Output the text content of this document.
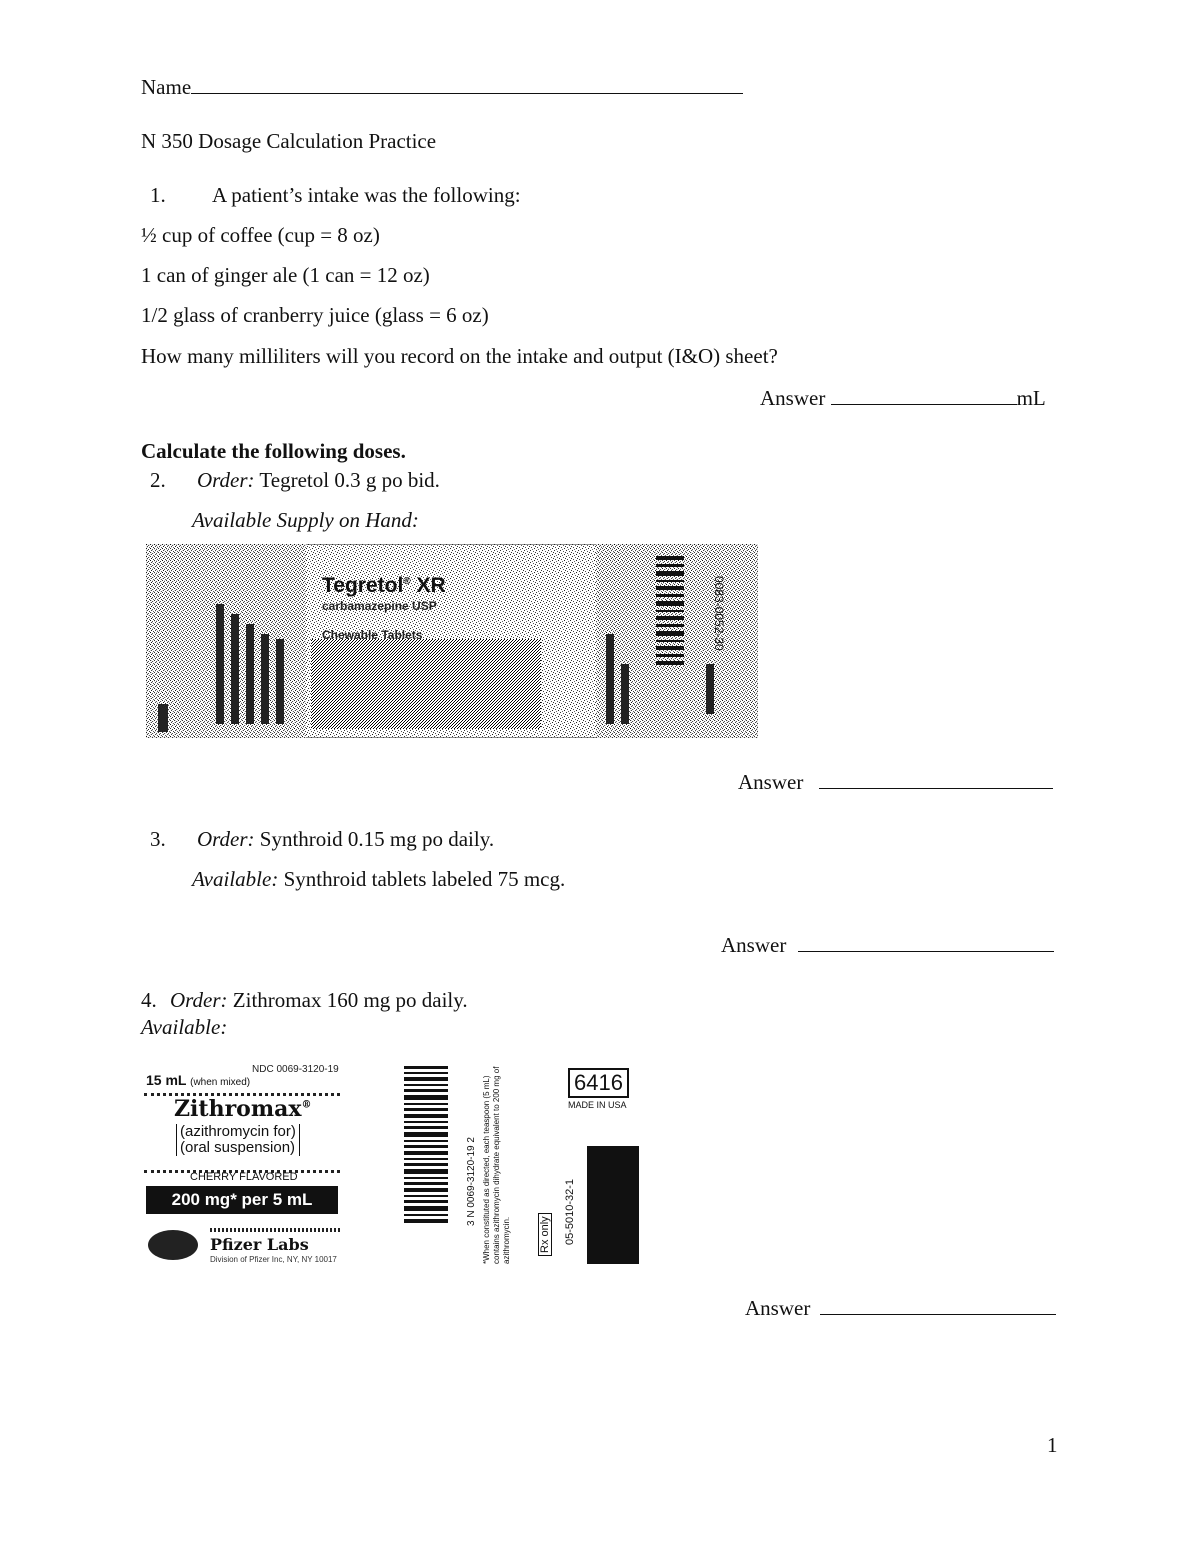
Name
N 350 Dosage Calculation Practice
1. A patient’s intake was the following:
½ cup of coffee (cup = 8 oz)
1 can of ginger ale (1 can = 12 oz)
1/2 glass of cranberry juice (glass = 6 oz)
How many milliliters will you record on the intake and output (I&O) sheet?
Answer	mL
Calculate the following doses.
2. Order: Tegretol 0.3 g po bid.
Available Supply on Hand:
Tegretol® XR
carbamazepine USP
Chewable Tablets	0083-0052-30
Answer
3. Order: Synthroid 0.15 mg po daily.
Available: Synthroid tablets labeled 75 mcg.
Answer
4. Order: Zithromax 160 mg po daily.
Available:
NDC 0069-3120-19
15 mL (when mixed)
Zithromax®
(azithromycin for)
(oral suspension)
CHERRY FLAVORED
200 mg* per 5 mL
Pfizer Labs
Division of Pfizer Inc, NY, NY 10017
3 N 0069-3120-19 2 *When constituted as directed, each teaspoon (5 mL) contains azithromycin dihydrate equivalent to 200 mg of azithromycin.	Rx only
6416
MADE IN USA
05-5010-32-1
Answer
1
